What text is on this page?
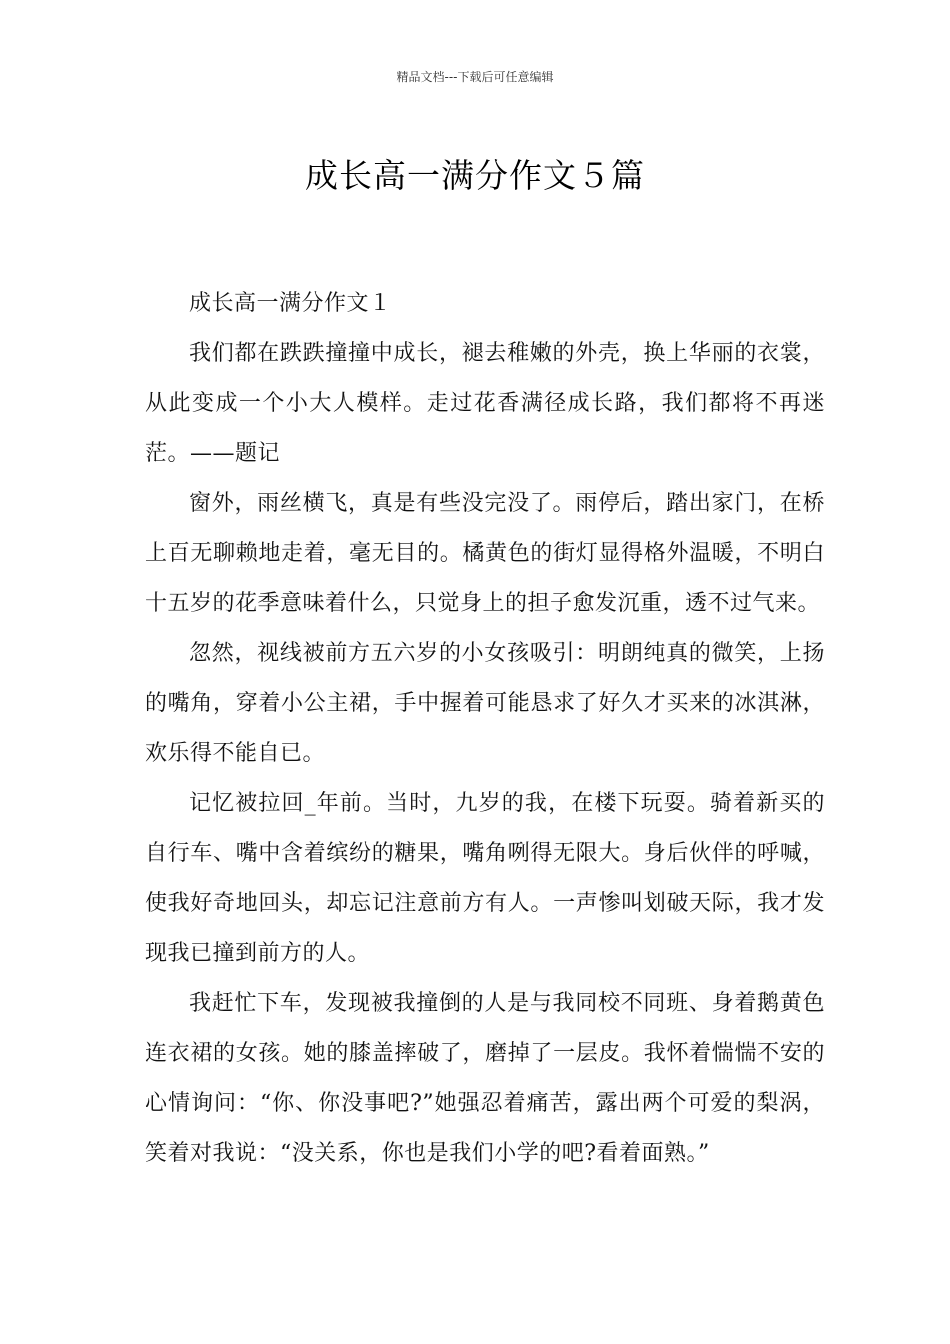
精品文档---下载后可任意编辑
成长高一满分作文５篇

成长高一满分作文１

我们都在跌跌撞撞中成长，褪去稚嫩的外壳，换上华丽的衣裳，从此变成一个小大人模样。走过花香满径成长路，我们都将不再迷茫。——题记

窗外，雨丝横飞，真是有些没完没了。雨停后，踏出家门，在桥上百无聊赖地走着，毫无目的。橘黄色的街灯显得格外温暖，不明白十五岁的花季意味着什么，只觉身上的担子愈发沉重，透不过气来。

忽然，视线被前方五六岁的小女孩吸引：明朗纯真的微笑，上扬的嘴角，穿着小公主裙，手中握着可能恳求了好久才买来的冰淇淋，欢乐得不能自已。

记忆被拉回_年前。当时，九岁的我，在楼下玩耍。骑着新买的自行车、嘴中含着缤纷的糖果，嘴角咧得无限大。身后伙伴的呼喊，使我好奇地回头，却忘记注意前方有人。一声惨叫划破天际，我才发现我已撞到前方的人。

我赶忙下车，发现被我撞倒的人是与我同校不同班、身着鹅黄色连衣裙的女孩。她的膝盖摔破了，磨掉了一层皮。我怀着惴惴不安的心情询问：“你、你没事吧?”她强忍着痛苦，露出两个可爱的梨涡，笑着对我说：“没关系，你也是我们小学的吧?看着面熟。”
